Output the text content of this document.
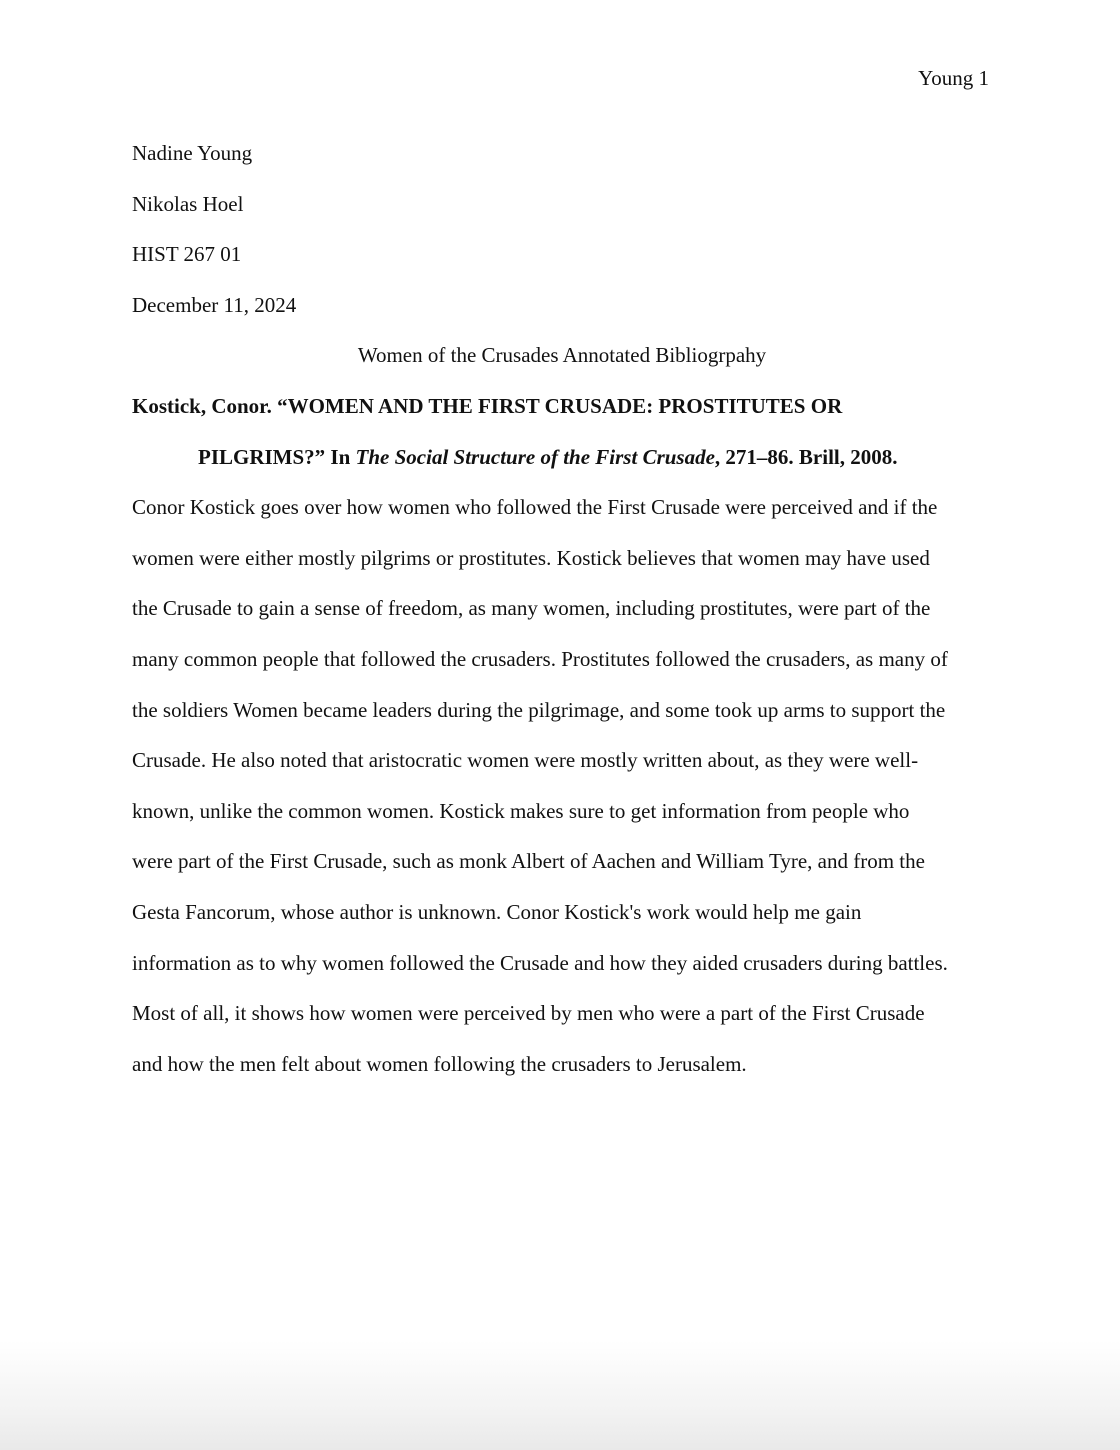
Young 1
Nadine Young
Nikolas Hoel
HIST 267 01
December 11, 2024
Women of the Crusades Annotated Bibliogrpahy
Kostick, Conor. “WOMEN AND THE FIRST CRUSADE: PROSTITUTES OR
PILGRIMS?” In The Social Structure of the First Crusade, 271–86. Brill, 2008.
Conor Kostick goes over how women who followed the First Crusade were perceived and if the
women were either mostly pilgrims or prostitutes. Kostick believes that women may have used
the Crusade to gain a sense of freedom, as many women, including prostitutes, were part of the
many common people that followed the crusaders. Prostitutes followed the crusaders, as many of
the soldiers Women became leaders during the pilgrimage, and some took up arms to support the
Crusade. He also noted that aristocratic women were mostly written about, as they were well-
known, unlike the common women. Kostick makes sure to get information from people who
were part of the First Crusade, such as monk Albert of Aachen and William Tyre, and from the
Gesta Fancorum, whose author is unknown. Conor Kostick's work would help me gain
information as to why women followed the Crusade and how they aided crusaders during battles.
Most of all, it shows how women were perceived by men who were a part of the First Crusade
and how the men felt about women following the crusaders to Jerusalem.
